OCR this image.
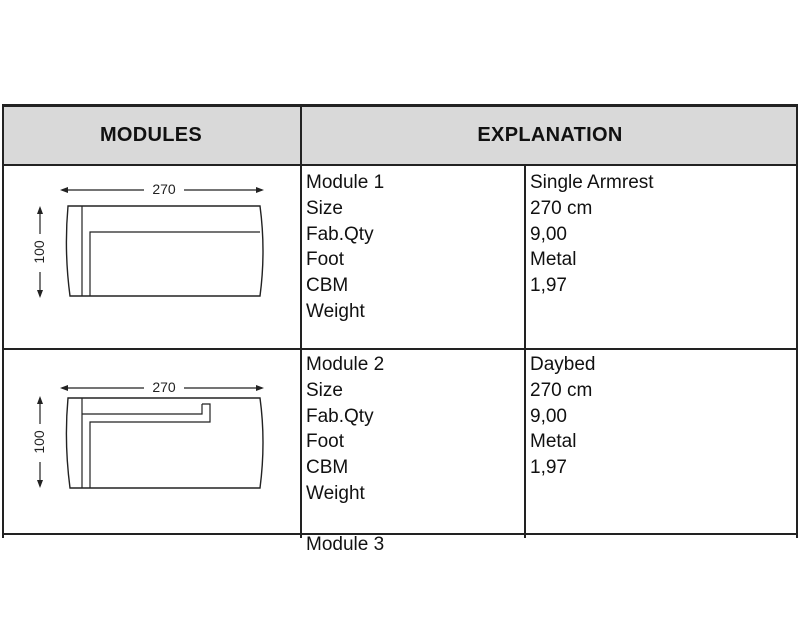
MODULES	EXPLANATION
270
100
Module 1
Size
Fab.Qty
Foot
CBM
Weight
Single Armrest
270 cm
9,00
Metal
1,97
270
100
Module 2
Size
Fab.Qty
Foot
CBM
Weight
Daybed
270 cm
9,00
Metal
1,97
Module 3
